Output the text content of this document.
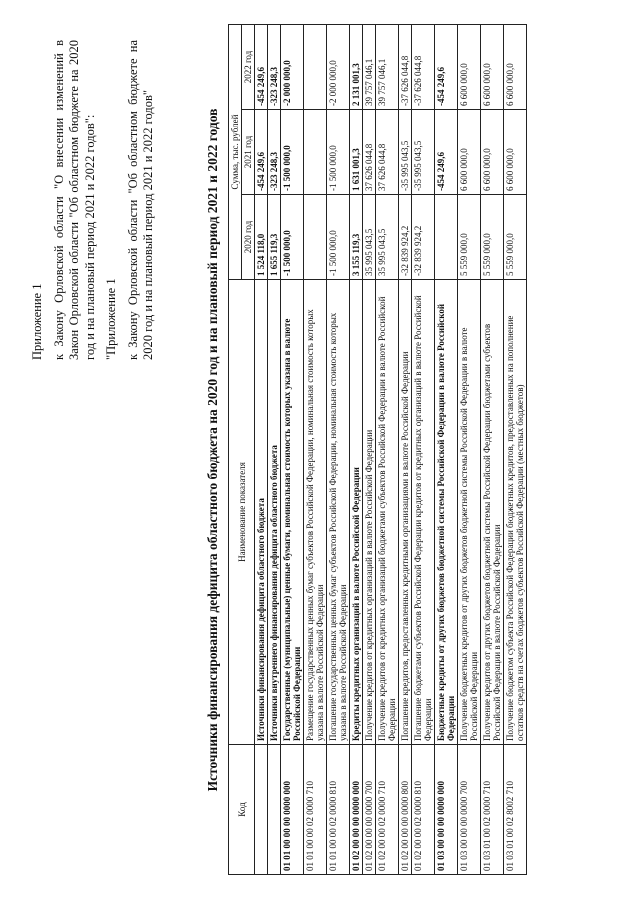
Приложение 1 к Закону Орловской области "О внесении изменений в Закон Орловской области "Об областном бюджете на 2020 год и на плановый период 2021 и 2022 годов": "Приложение 1 к Закону Орловской области "Об областном бюджете на 2020 год и на плановый период 2021 и 2022 годов"	Источники финансирования дефицита областного бюджета на 2020 год и на плановый период 2021 и 2022 годов
Код	Наименование показателя	Сумма, тыс. рублей		
		2020 год	2021 год	2022 год
	Источники финансирования дефицита областного бюджета	1 524 118,0	-454 249,6	-454 249,6
	Источники внутреннего финансирования дефицита областного бюджета	1 655 119,3	-323 248,3	-323 248,3
01 01 00 00 00 0000 000	Государственные (муниципальные) ценные бумаги, номинальная стоимость которых указана в валюте Российской Федерации	-1 500 000,0	-1 500 000,0	-2 000 000,0
01 01 00 00 02 0000 710	Размещение государственных ценных бумаг субъектов Российской Федерации, номинальная стоимость которых указана в валюте Российской Федерации			
01 01 00 00 02 0000 810	Погашение государственных ценных бумаг субъектов Российской Федерации, номинальная стоимость которых указана в валюте Российской Федерации	-1 500 000,0	-1 500 000,0	-2 000 000,0
01 02 00 00 00 0000 000	Кредиты кредитных организаций в валюте Российской Федерации	3 155 119,3	1 631 001,3	2 131 001,3
01 02 00 00 00 0000 700	Получение кредитов от кредитных организаций в валюте Российской Федерации	35 995 043,5	37 626 044,8	39 757 046,1
01 02 00 00 02 0000 710	Получение кредитов от кредитных организаций бюджетами субъектов Российской Федерации в валюте Российской Федерации	35 995 043,5	37 626 044,8	39 757 046,1
01 02 00 00 00 0000 800	Погашение кредитов, предоставленных кредитными организациями в валюте Российской Федерации	-32 839 924,2	-35 995 043,5	-37 626 044,8
01 02 00 00 02 0000 810	Погашение бюджетами субъектов Российской Федерации кредитов от кредитных организаций в валюте Российской Федерации	-32 839 924,2	-35 995 043,5	-37 626 044,8
01 03 00 00 00 0000 000	Бюджетные кредиты от других бюджетов бюджетной системы Российской Федерации в валюте Российской Федерации		-454 249,6	-454 249,6
01 03 00 00 00 0000 700	Получение бюджетных кредитов от других бюджетов бюджетной системы Российской Федерации в валюте Российской Федерации	5 559 000,0	6 600 000,0	6 600 000,0
01 03 01 00 02 0000 710	Получение кредитов от других бюджетов бюджетной системы Российской Федерации бюджетами субъектов Российской Федерации в валюте Российской Федерации	5 559 000,0	6 600 000,0	6 600 000,0
01 03 01 00 02 8002 710	Получение бюджетом субъекта Российской Федерации бюджетных кредитов, предоставленных на пополнение остатков средств на счетах бюджетов субъектов Российской Федерации (местных бюджетов)	5 559 000,0	6 600 000,0	6 600 000,0
